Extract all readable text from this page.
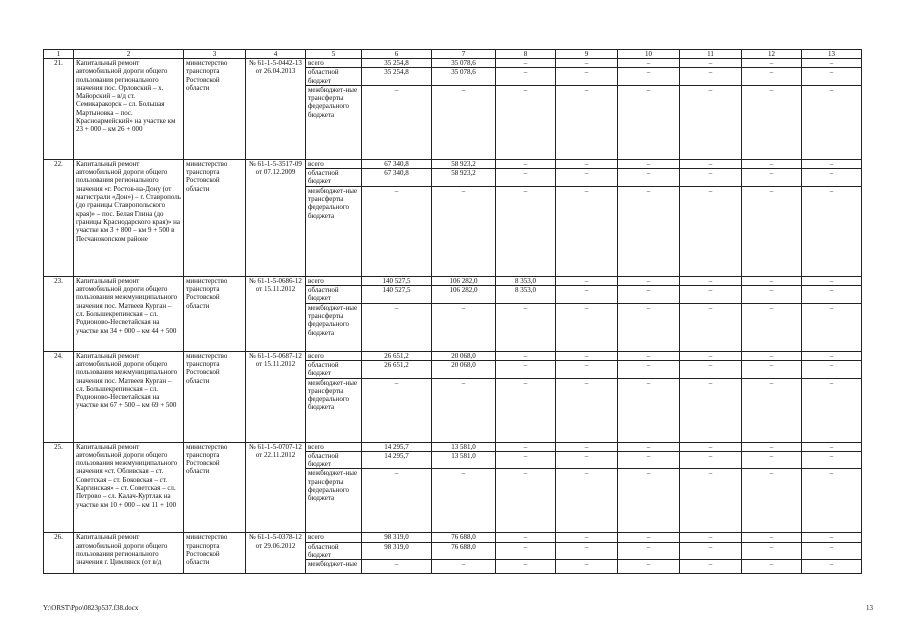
1	2	3	4	5	6	7	8	9	10	11	12	13
21.	Капитальный ремонт автомобильной дороги общего пользования регионального значения пос. Орловский – х. Майорский – в/д ст. Семикаракорск – сл. Большая Мартыновка – пос. Красноармейский» на участке км 23 + 000 – км 26 + 000	министерство транспорта Ростовской области	№ 61-1-5-0442-13 от 26.04.2013	всего	35 254,8	35 078,6	–	–	–	–	–	–
				областной бюджет	35 254,8	35 078,6	–	–	–	–	–	–
				межбюджет-ные трансферты федерального бюджета	–	–	–	–	–	–	–	–
22.	Капитальный ремонт автомобильной дороги общего пользования регионального значения «г. Ростов-на-Дону (от магистрали «Дон») – г. Ставрополь (до границы Ставропольского края)» – пос. Белая Глина (до границы Краснодарского края)» на участке км 3 + 800 – км 9 + 500 в Песчанокопском районе	министерство транспорта Ростовской области	№ 61-1-5-3517-09 от 07.12.2009	всего	67 340,8	58 923,2	–	–	–	–	–	–
				областной бюджет	67 340,8	58 923,2	–	–	–	–	–	–
				межбюджет-ные трансферты федерального бюджета	–	–	–	–	–	–	–	–
23.	Капитальный ремонт автомобильной дороги общего пользования межмуниципального значения пос. Матвеев Курган – сл. Большекрепинская – сл. Родионово-Несветайская на участке км 34 + 000 – км 44 + 500	министерство транспорта Ростовской области	№ 61-1-5-0686-12 от 15.11.2012	всего	140 527,5	106 282,0	8 353,0	–	–	–	–	–
				областной бюджет	140 527,5	106 282,0	8 353,0	–	–	–	–	–
				межбюджет-ные трансферты федерального бюджета	–	–	–	–	–	–	–	–
24.	Капитальный ремонт автомобильной дороги общего пользования межмуниципального значения пос. Матвеев Курган – сл. Большекрепинская – сл. Родионово-Несветайская на участке км 67 + 500 – км 69 + 500	министерство транспорта Ростовской области	№ 61-1-5-0687-12 от 15.11.2012	всего	26 651,2	20 068,0	–	–	–	–	–	–
				областной бюджет	26 651,2	20 068,0	–	–	–	–	–	–
				межбюджет-ные трансферты федерального бюджета	–	–	–	–	–	–	–	–
25.	Капитальный ремонт автомобильной дороги общего пользования межмуниципального значения «ст. Обливская – ст. Советская – ст. Боковская – ст. Каргинская» – ст. Советская – сл. Петрово – сл. Калач-Куртлак на участке км 10 + 000 – км 11 + 100	министерство транспорта Ростовской области	№ 61-1-5-0707-12 от 22.11.2012	всего	14 295,7	13 581,0	–	–	–	–	–	–
				областной бюджет	14 295,7	13 581,0	–	–	–	–	–	–
				межбюджет-ные трансферты федерального бюджета	–	–	–	–	–	–	–	–
26.	Капитальный ремонт автомобильной дороги общего пользования регионального значения г. Цимлянск (от в/д	министерство транспорта Ростовской области	№ 61-1-5-0378-12 от 29.06.2012	всего	98 319,0	76 688,0	–	–	–	–	–	–
				областной бюджет	98 319,0	76 688,0	–	–	–	–	–	–
				межбюджет-ные	–	–	–	–	–	–	–	–
Y:\ORST\Ppo\0823p537.f38.docx	13
